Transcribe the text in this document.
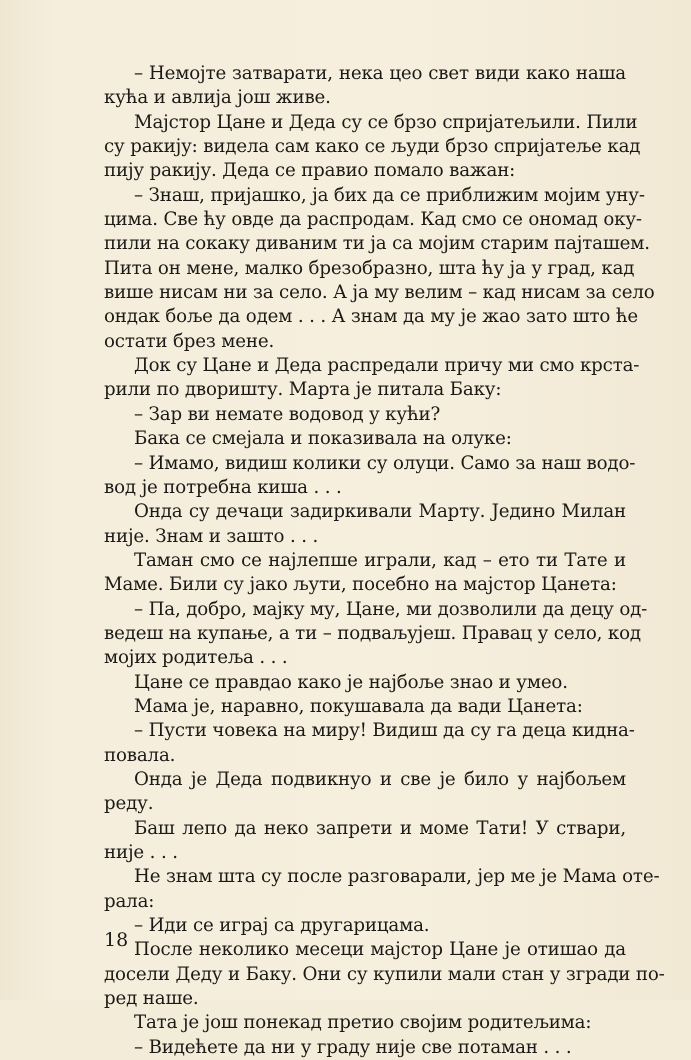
– Немојте затварати, нека цео свет види како наша
кућа и авлија још живе.
Мајстор Цане и Деда су се брзо спријатељили. Пили
су ракију: видела сам како се људи брзо спријатеље кад
пију ракију. Деда се правио помало важан:
– Знаш, пријашко, ја бих да се приближим мојим уну-
цима. Све ћу овде да распродам. Кад смо се ономад оку-
пили на сокаку диваним ти ја са мојим старим пајташем.
Пита он мене, малко брезобразно, шта ћу ја у град, кад
више нисам ни за село. А ја му велим – кад нисам за село
ондак боље да одем . . . А знам да му је жао зато што ће
остати брез мене.
Док су Цане и Деда распредали причу ми смо крста-
рили по дворишту. Марта је питала Баку:
– Зар ви немате водовод у кући?
Бака се смејала и показивала на олуке:
– Имамо, видиш колики су олуци. Само за наш водо-
вод је потребна киша . . .
Онда су дечаци задиркивали Марту. Једино Милан
није. Знам и зашто . . .
Таман смо се најлепше играли, кад – ето ти Тате и
Маме. Били су јако љути, посебно на мајстор Цанета:
– Па, добро, мајку му, Цане, ми дозволили да децу од-
ведеш на купање, а ти – подваљујеш. Правац у село, код
мојих родитеља . . .
Цане се правдао како је најбоље знао и умео.
Мама је, наравно, покушавала да вади Цанета:
– Пусти човека на миру! Видиш да су га деца кидна-
повала.
Онда је Деда подвикнуо и све је било у најбољем
реду.
Баш лепо да неко запрети и моме Тати! У ствари,
није . . .
Не знам шта су после разговарали, јер ме је Мама оте-
рала:
– Иди се играј са другарицама.
После неколико месеци мајстор Цане је отишао да
досели Деду и Баку. Они су купили мали стан у згради по-
ред наше.
Тата је још понекад претио својим родитељима:
– Видећете да ни у граду није све потаман . . .
18
